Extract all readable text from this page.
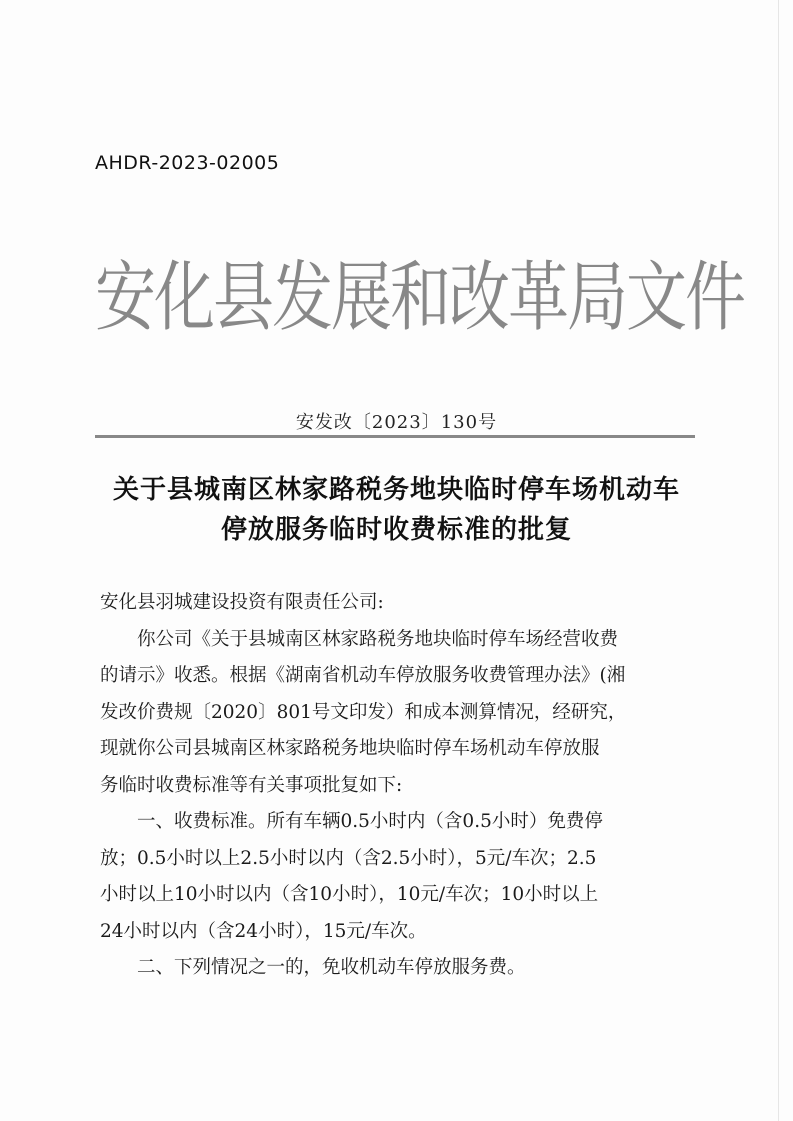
AHDR-2023-02005
安化县发展和改革局文件
安发改〔2023〕130号
关于县城南区林家路税务地块临时停车场机动车
停放服务临时收费标准的批复

安化县羽城建设投资有限责任公司:

你公司《关于县城南区林家路税务地块临时停车场经营收费

的请示》收悉。根据《湖南省机动车停放服务收费管理办法》(湘

发改价费规〔2020〕801号文印发）和成本测算情况，经研究，

现就你公司县城南区林家路税务地块临时停车场机动车停放服

务临时收费标准等有关事项批复如下:

一、收费标准。所有车辆0.5小时内（含0.5小时）免费停

放；0.5小时以上2.5小时以内（含2.5小时），5元/车次；2.5

小时以上10小时以内（含10小时），10元/车次；10小时以上

24小时以内（含24小时），15元/车次。

二、下列情况之一的，免收机动车停放服务费。
